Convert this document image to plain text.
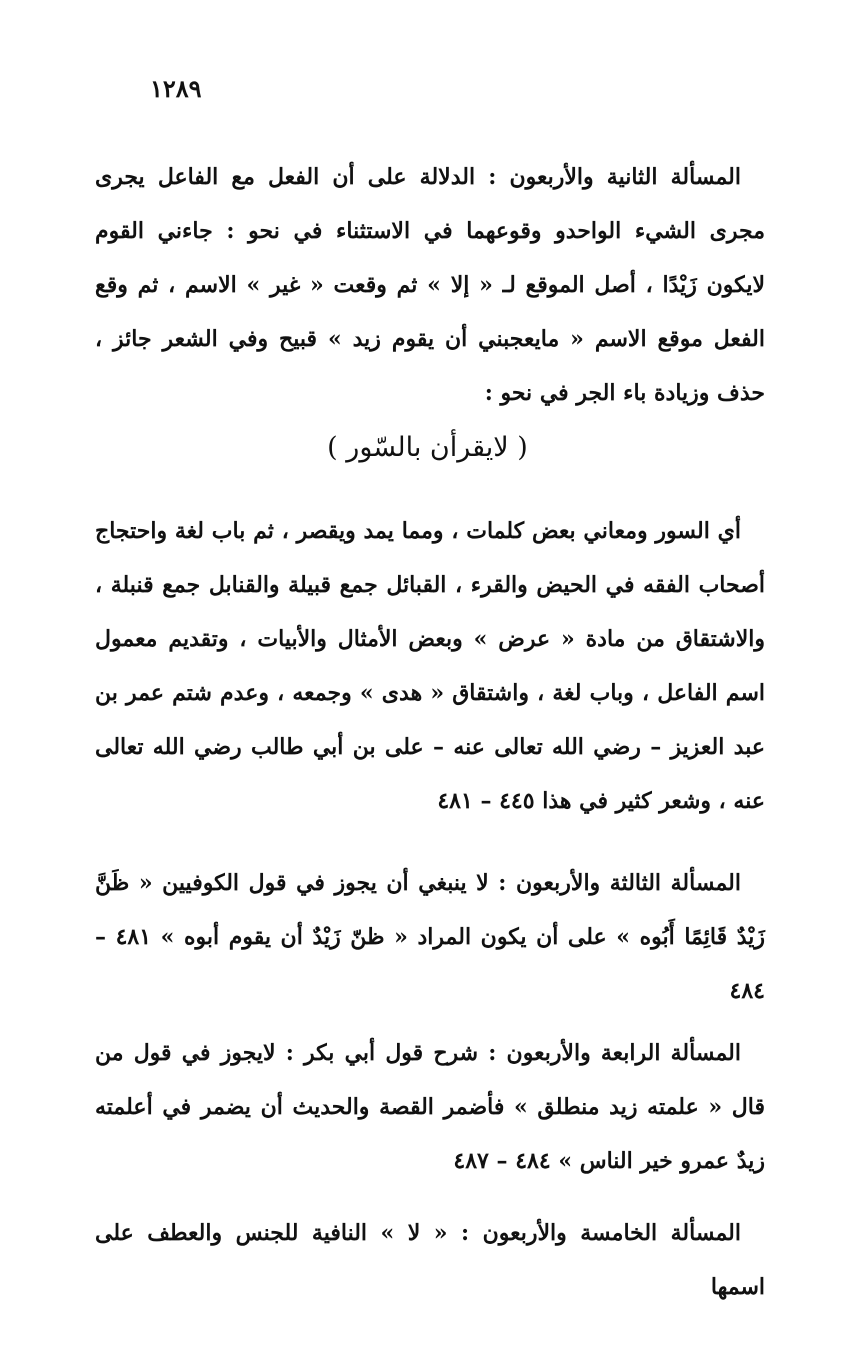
١٢٨٩

المسألة الثانية والأربعون : الدلالة على أن الفعل مع الفاعل يجرى مجرى الشيء الواحدو وقوعهما في الاستثناء في نحو : جاءني القوم لايكون زَيْدًا ، أصل الموقع لـ « إلا » ثم وقعت « غير » الاسم ، ثم وقع الفعل موقع الاسم « مايعجبني أن يقوم زيد » قبيح وفي الشعر جائز ، حذف وزيادة باء الجر في نحو :

( لايقرأن بالسّور )

أي السور ومعاني بعض كلمات ، ومما يمد ويقصر ، ثم باب لغة واحتجاج أصحاب الفقه في الحيض والقرء ، القبائل جمع قبيلة والقنابل جمع قنبلة ، والاشتقاق من مادة « عرض » وبعض الأمثال والأبيات ، وتقديم معمول اسم الفاعل ، وباب لغة ، واشتقاق « هدى » وجمعه ، وعدم شتم عمر بن عبد العزيز – رضي الله تعالى عنه – على بن أبي طالب رضي الله تعالى عنه ، وشعر كثير في هذا ٤٤٥ – ٤٨١

المسألة الثالثة والأربعون : لا ينبغي أن يجوز في قول الكوفيين « ظَنَّ زَيْدٌ قَائِمًا أَبُوه » على أن يكون المراد « ظنّ زَيْدٌ أن يقوم أبوه » ٤٨١ – ٤٨٤

المسألة الرابعة والأربعون : شرح قول أبي بكر : لايجوز في قول من قال « علمته زيد منطلق » فأضمر القصة والحديث أن يضمر في أعلمته زيدٌ عمرو خير الناس » ٤٨٤ – ٤٨٧

المسألة الخامسة والأربعون : « لا » النافية للجنس والعطف على اسمها
